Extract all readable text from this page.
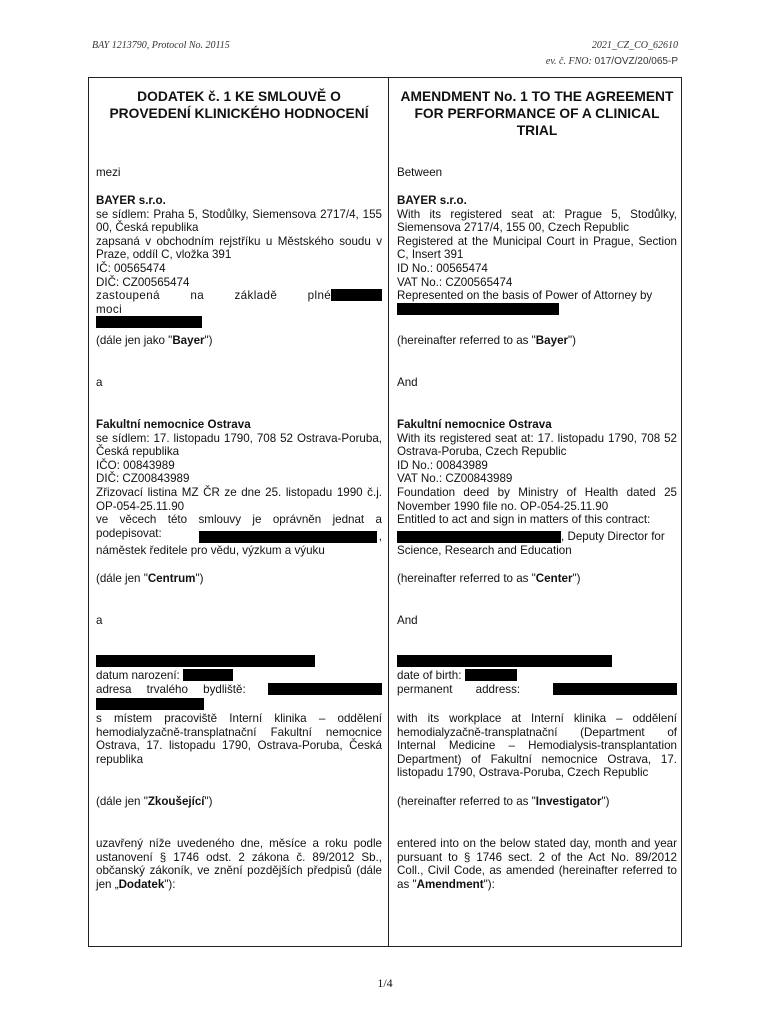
BAY 1213790, Protocol No. 20115	2021_CZ_CO_62610
ev. č. FNO: 017/OVZ/20/065-P
DODATEK č. 1 KE SMLOUVĚ O PROVEDENÍ KLINICKÉHO HODNOCENÍ
AMENDMENT No. 1 TO THE AGREEMENT FOR PERFORMANCE OF A CLINICAL TRIAL
mezi
BAYER s.r.o.
se sídlem: Praha 5, Stodůlky, Siemensova 2717/4, 155 00, Česká republika
zapsaná v obchodním rejstříku u Městského soudu v Praze, oddíl C, vložka 391
IČ: 00565474
DIČ: CZ00565474
zastoupená na základě plné moci
(dále jen jako "Bayer")
a
Fakultní nemocnice Ostrava
se sídlem: 17. listopadu 1790, 708 52 Ostrava-Poruba, Česká republika
IČO: 00843989
DIČ: CZ00843989
Zřizovací listina MZ ČR ze dne 25. listopadu 1990 č.j. OP-054-25.11.90
ve věcech této smlouvy je oprávněn jednat a podepisovat:	,
náměstek ředitele pro vědu, výzkum a výuku
(dále jen "Centrum")
a
datum narození:
adresa trvalého bydliště:
s místem pracoviště Interní klinika – oddělení hemodialyzačně-transplatnační Fakultní nemocnice Ostrava, 17. listopadu 1790, Ostrava-Poruba, Česká republika
(dále jen "Zkoušející")
uzavřený níže uvedeného dne, měsíce a roku podle ustanovení § 1746 odst. 2 zákona č. 89/2012 Sb., občanský zákoník, ve znění pozdějších předpisů (dále jen „Dodatek"):
Between
BAYER s.r.o.
With its registered seat at: Prague 5, Stodůlky, Siemensova 2717/4, 155 00, Czech Republic
Registered at the Municipal Court in Prague, Section C, Insert 391
ID No.: 00565474
VAT No.: CZ00565474
Represented on the basis of Power of Attorney by
(hereinafter referred to as "Bayer")
And
Fakultní nemocnice Ostrava
With its registered seat at: 17. listopadu 1790, 708 52 Ostrava-Poruba, Czech Republic
ID No.: 00843989
VAT No.: CZ00843989
Foundation deed by Ministry of Health dated 25 November 1990 file no. OP-054-25.11.90
Entitled to act and sign in matters of this contract:
, Deputy Director for Science, Research and Education
(hereinafter referred to as "Center")
And
date of birth:
permanent address:
with its workplace at Interní klinika – oddělení hemodialyzačně-transplatnační (Department of Internal Medicine – Hemodialysis-transplantation Department) of Fakultní nemocnice Ostrava, 17. listopadu 1790, Ostrava-Poruba, Czech Republic
(hereinafter referred to as "Investigator")
entered into on the below stated day, month and year pursuant to § 1746 sect. 2 of the Act No. 89/2012 Coll., Civil Code, as amended (hereinafter referred to as "Amendment"):
1/4
